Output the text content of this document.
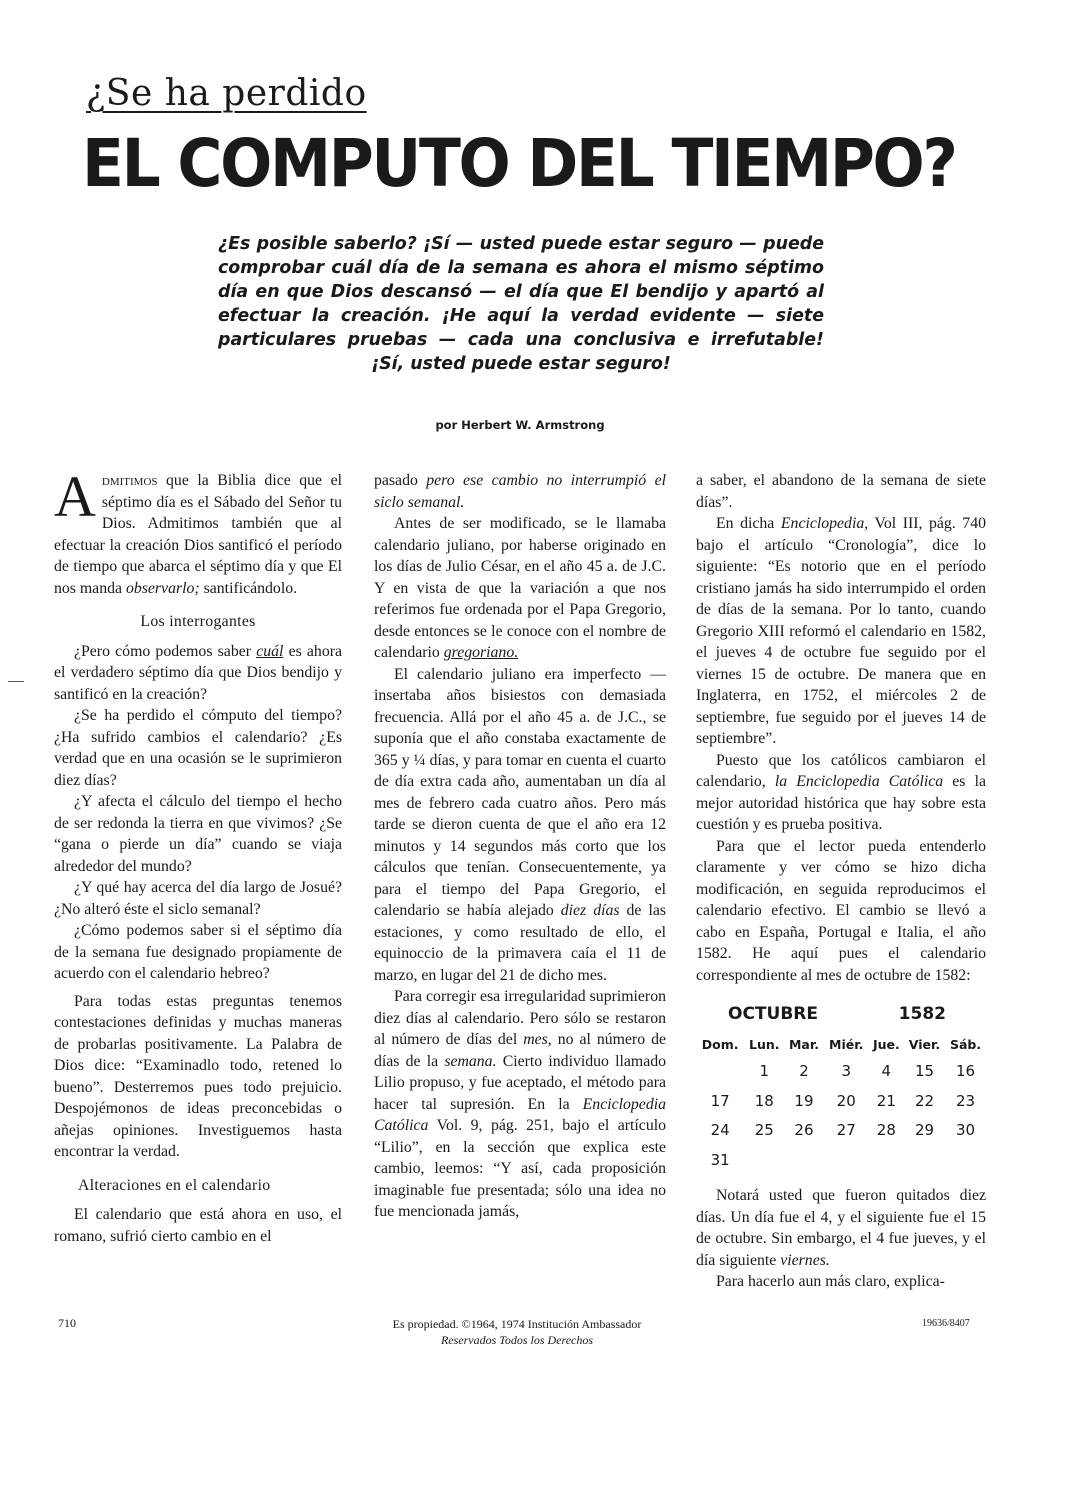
¿Se ha perdido
EL COMPUTO DEL TIEMPO?
¿Es posible saberlo? ¡Sí — usted puede estar seguro — puede comprobar cuál día de la semana es ahora el mismo séptimo día en que Dios descansó — el día que El bendijo y apartó al efectuar la creación. ¡He aquí la verdad evidente — siete particulares pruebas — cada una conclusiva e irrefutable! ¡Sí, usted puede estar seguro!
por Herbert W. Armstrong

Admitimos que la Biblia dice que el séptimo día es el Sábado del Señor tu Dios. Admitimos también que al efectuar la creación Dios santificó el período de tiempo que abarca el séptimo día y que El nos manda observarlo; santificándolo.

Los interrogantes

¿Pero cómo podemos saber cuál es ahora el verdadero séptimo día que Dios bendijo y santificó en la creación?

¿Se ha perdido el cómputo del tiempo? ¿Ha sufrido cambios el calendario? ¿Es verdad que en una ocasión se le suprimieron diez días?

¿Y afecta el cálculo del tiempo el hecho de ser redonda la tierra en que vivimos? ¿Se “gana o pierde un día” cuando se viaja alrededor del mundo?

¿Y qué hay acerca del día largo de Josué? ¿No alteró éste el siclo semanal?

¿Cómo podemos saber si el séptimo día de la semana fue designado propiamente de acuerdo con el calendario hebreo?

Para todas estas preguntas tenemos contestaciones definidas y muchas maneras de probarlas positivamente. La Palabra de Dios dice: “Examinadlo todo, retened lo bueno”. Desterremos pues todo prejuicio. Despojémonos de ideas preconcebidas o añejas opiniones. Investiguemos hasta encontrar la verdad.

Alteraciones en el calendario

El calendario que está ahora en uso, el romano, sufrió cierto cambio en el

pasado pero ese cambio no interrumpió el siclo semanal.

Antes de ser modificado, se le llamaba calendario juliano, por haberse originado en los días de Julio César, en el año 45 a. de J.C. Y en vista de que la variación a que nos referimos fue ordenada por el Papa Gregorio, desde entonces se le conoce con el nombre de calendario gregoriano.

El calendario juliano era imperfecto — insertaba años bisiestos con demasiada frecuencia. Allá por el año 45 a. de J.C., se suponía que el año constaba exactamente de 365 y ¼ días, y para tomar en cuenta el cuarto de día extra cada año, aumentaban un día al mes de febrero cada cuatro años. Pero más tarde se dieron cuenta de que el año era 12 minutos y 14 segundos más corto que los cálculos que tenían. Consecuentemente, ya para el tiempo del Papa Gregorio, el calendario se había alejado diez días de las estaciones, y como resultado de ello, el equinoccio de la primavera caía el 11 de marzo, en lugar del 21 de dicho mes.

Para corregir esa irregularidad suprimieron diez días al calendario. Pero sólo se restaron al número de días del mes, no al número de días de la semana. Cierto individuo llamado Lilio propuso, y fue aceptado, el método para hacer tal supresión. En la Enciclopedia Católica Vol. 9, pág. 251, bajo el artículo “Lilio”, en la sección que explica este cambio, leemos: “Y así, cada proposición imaginable fue presentada; sólo una idea no fue mencionada jamás,

a saber, el abandono de la semana de siete días”.

En dicha Enciclopedia, Vol III, pág. 740 bajo el artículo “Cronología”, dice lo siguiente: “Es notorio que en el período cristiano jamás ha sido interrumpido el orden de días de la semana. Por lo tanto, cuando Gregorio XIII reformó el calendario en 1582, el jueves 4 de octubre fue seguido por el viernes 15 de octubre. De manera que en Inglaterra, en 1752, el miércoles 2 de septiembre, fue seguido por el jueves 14 de septiembre”.

Puesto que los católicos cambiaron el calendario, la Enciclopedia Católica es la mejor autoridad histórica que hay sobre esta cuestión y es prueba positiva.

Para que el lector pueda entenderlo claramente y ver cómo se hizo dicha modificación, en seguida reproducimos el calendario efectivo. El cambio se llevó a cabo en España, Portugal e Italia, el año 1582. He aquí pues el calendario correspondiente al mes de octubre de 1582:

OCTUBRE	1582
Dom.	Lun.	Mar.	Miér.	Jue.	Vier.	Sáb.
	1	2	3	4	15	16
17	18	19	20	21	22	23
24	25	26	27	28	29	30
31						

Notará usted que fueron quitados diez días. Un día fue el 4, y el siguiente fue el 15 de octubre. Sin embargo, el 4 fue jueves, y el día siguiente viernes.

Para hacerlo aun más claro, explica-

710	Es propiedad. ©1964, 1974 Institución Ambassador
Reservados Todos los Derechos
19636/8407
